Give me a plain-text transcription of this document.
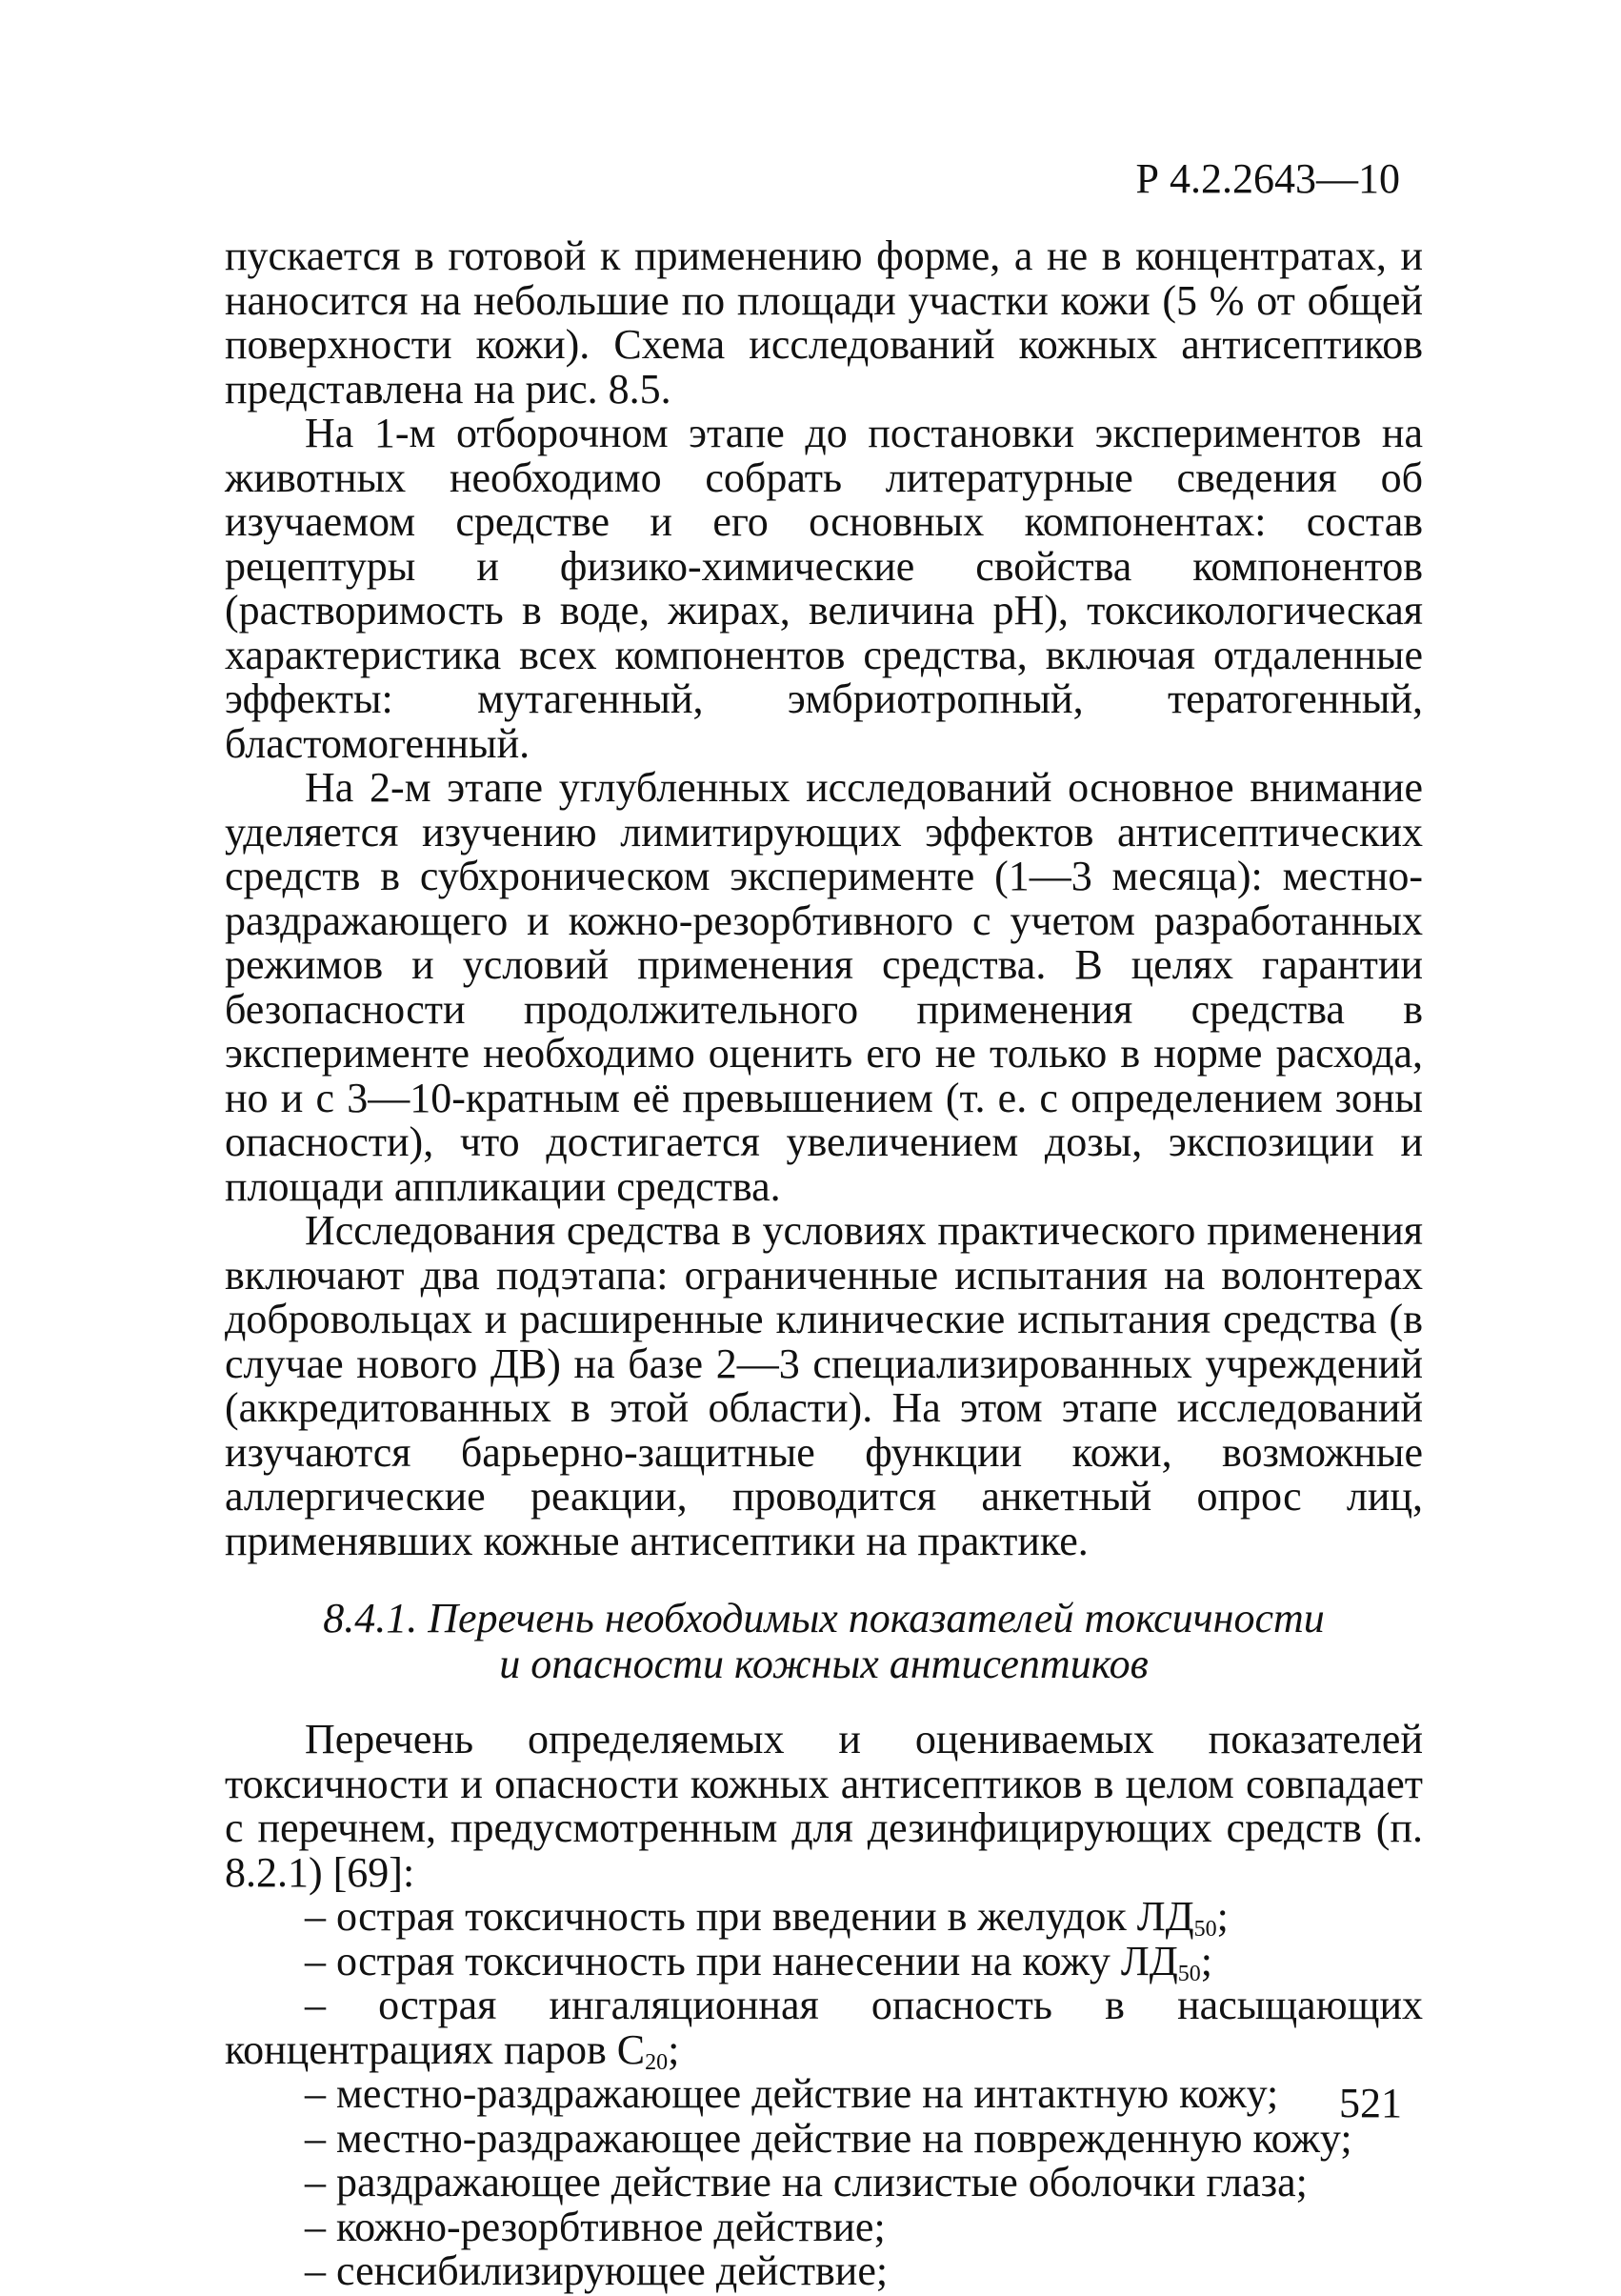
Р 4.2.2643—10

пускается в готовой к применению форме, а не в концентратах, и наносится на небольшие по площади участки кожи (5 % от общей поверхности кожи). Схема исследований кожных антисептиков представлена на рис. 8.5.

На 1-м отборочном этапе до постановки экспериментов на животных необходимо собрать литературные сведения об изучаемом средстве и его основных компонентах: состав рецептуры и физико-химические свойства компонентов (растворимость в воде, жирах, величина pH), токсикологическая характеристика всех компонентов средства, включая отдаленные эффекты: мутагенный, эмбриотропный, тератогенный, бластомогенный.

На 2-м этапе углубленных исследований основное внимание уделяется изучению лимитирующих эффектов антисептических средств в субхроническом эксперименте (1—3 месяца): местно-раздражающего и кожно-резорбтивного с учетом разработанных режимов и условий применения средства. В целях гарантии безопасности продолжительного применения средства в эксперименте необходимо оценить его не только в норме расхода, но и с 3—10-кратным её превышением (т. е. с определением зоны опасности), что достигается увеличением дозы, экспозиции и площади аппликации средства.

Исследования средства в условиях практического применения включают два подэтапа: ограниченные испытания на волонтерах добровольцах и расширенные клинические испытания средства (в случае нового ДВ) на базе 2—3 специализированных учреждений (аккредитованных в этой области). На этом этапе исследований изучаются барьерно-защитные функции кожи, возможные аллергические реакции, проводится анкетный опрос лиц, применявших кожные антисептики на практике.

8.4.1. Перечень необходимых показателей токсичности
и опасности кожных антисептиков

Перечень определяемых и оцениваемых показателей токсичности и опасности кожных антисептиков в целом совпадает с перечнем, предусмотренным для дезинфицирующих средств (п. 8.2.1) [69]:

– острая токсичность при введении в желудок $ЛД_{50}$;
– острая токсичность при нанесении на кожу $ЛД_{50}$;
– острая ингаляционная опасность в насыщающих концентрациях паров $С_{20}$;
– местно-раздражающее действие на интактную кожу;
– местно-раздражающее действие на поврежденную кожу;
– раздражающее действие на слизистые оболочки глаза;
– кожно-резорбтивное действие;
– сенсибилизирующее действие;
521
